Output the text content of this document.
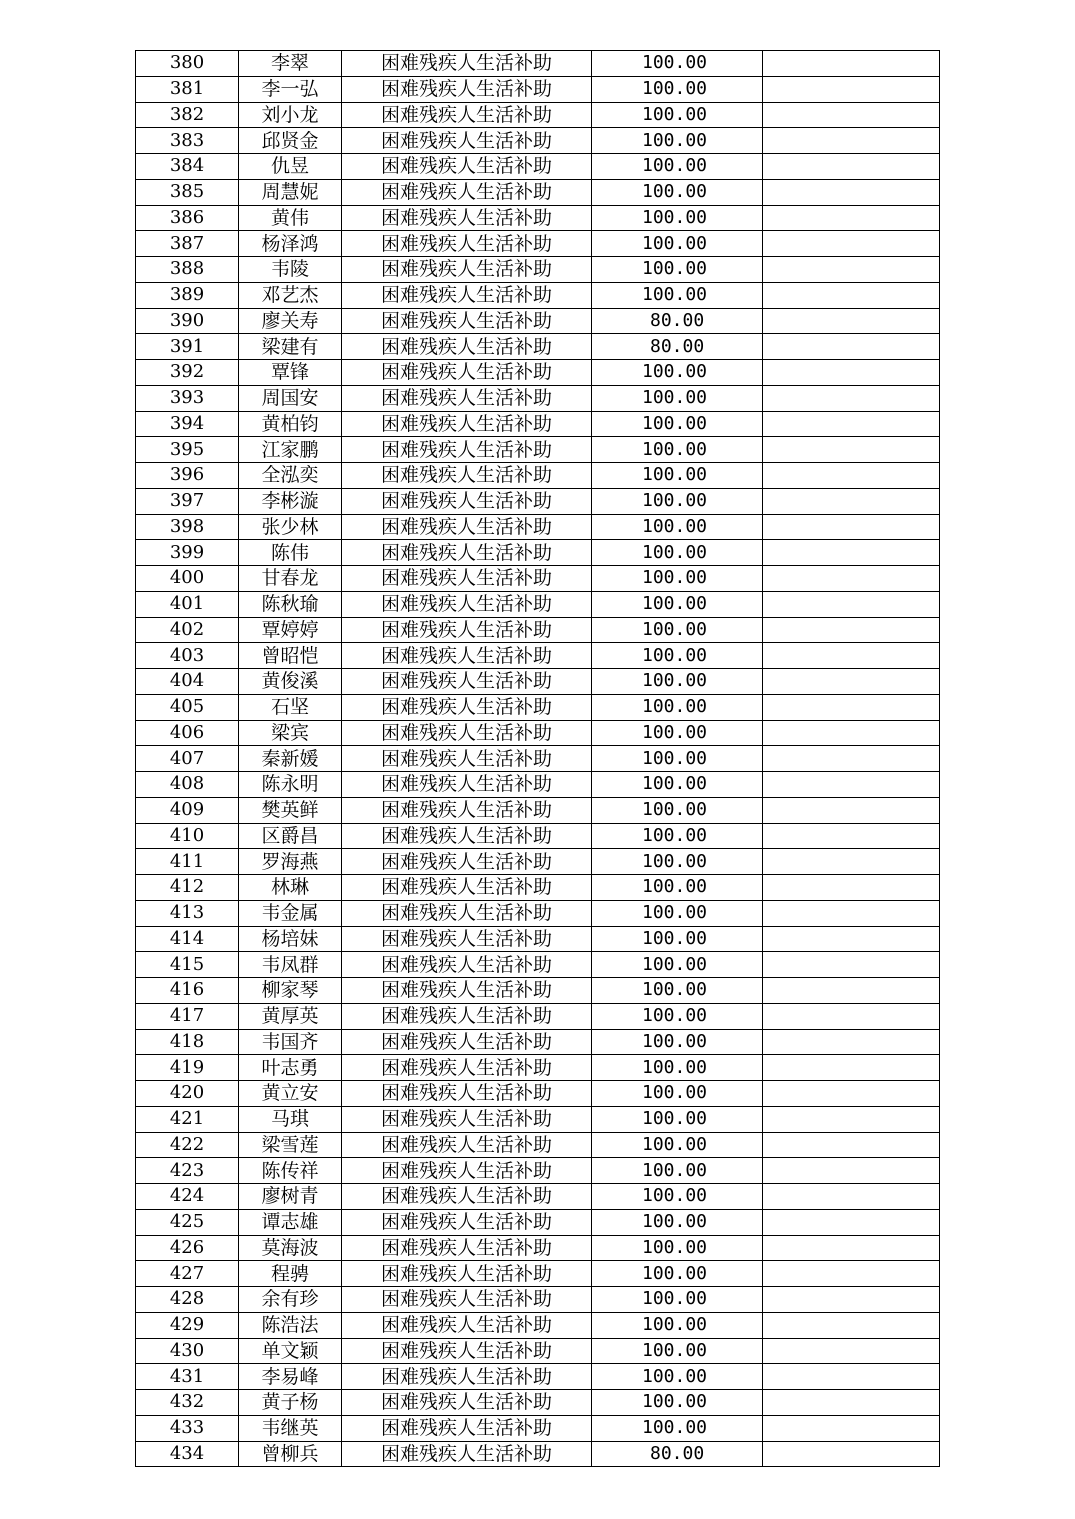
380	李翠	困难残疾人生活补助	100.00	
381	李一弘	困难残疾人生活补助	100.00	
382	刘小龙	困难残疾人生活补助	100.00	
383	邱贤金	困难残疾人生活补助	100.00	
384	仇昱	困难残疾人生活补助	100.00	
385	周慧妮	困难残疾人生活补助	100.00	
386	黄伟	困难残疾人生活补助	100.00	
387	杨泽鸿	困难残疾人生活补助	100.00	
388	韦陵	困难残疾人生活补助	100.00	
389	邓艺杰	困难残疾人生活补助	100.00	
390	廖关寿	困难残疾人生活补助	80.00	
391	梁建有	困难残疾人生活补助	80.00	
392	覃锋	困难残疾人生活补助	100.00	
393	周国安	困难残疾人生活补助	100.00	
394	黄柏钧	困难残疾人生活补助	100.00	
395	江家鹏	困难残疾人生活补助	100.00	
396	全泓奕	困难残疾人生活补助	100.00	
397	李彬漩	困难残疾人生活补助	100.00	
398	张少林	困难残疾人生活补助	100.00	
399	陈伟	困难残疾人生活补助	100.00	
400	甘春龙	困难残疾人生活补助	100.00	
401	陈秋瑜	困难残疾人生活补助	100.00	
402	覃婷婷	困难残疾人生活补助	100.00	
403	曾昭恺	困难残疾人生活补助	100.00	
404	黄俊溪	困难残疾人生活补助	100.00	
405	石坚	困难残疾人生活补助	100.00	
406	梁宾	困难残疾人生活补助	100.00	
407	秦新媛	困难残疾人生活补助	100.00	
408	陈永明	困难残疾人生活补助	100.00	
409	樊英鲜	困难残疾人生活补助	100.00	
410	区爵昌	困难残疾人生活补助	100.00	
411	罗海燕	困难残疾人生活补助	100.00	
412	林琳	困难残疾人生活补助	100.00	
413	韦金属	困难残疾人生活补助	100.00	
414	杨培妹	困难残疾人生活补助	100.00	
415	韦凤群	困难残疾人生活补助	100.00	
416	柳家琴	困难残疾人生活补助	100.00	
417	黄厚英	困难残疾人生活补助	100.00	
418	韦国齐	困难残疾人生活补助	100.00	
419	叶志勇	困难残疾人生活补助	100.00	
420	黄立安	困难残疾人生活补助	100.00	
421	马琪	困难残疾人生活补助	100.00	
422	梁雪莲	困难残疾人生活补助	100.00	
423	陈传祥	困难残疾人生活补助	100.00	
424	廖树青	困难残疾人生活补助	100.00	
425	谭志雄	困难残疾人生活补助	100.00	
426	莫海波	困难残疾人生活补助	100.00	
427	程骋	困难残疾人生活补助	100.00	
428	余有珍	困难残疾人生活补助	100.00	
429	陈浩法	困难残疾人生活补助	100.00	
430	单文颖	困难残疾人生活补助	100.00	
431	李易峰	困难残疾人生活补助	100.00	
432	黄子杨	困难残疾人生活补助	100.00	
433	韦继英	困难残疾人生活补助	100.00	
434	曾柳兵	困难残疾人生活补助	80.00	
